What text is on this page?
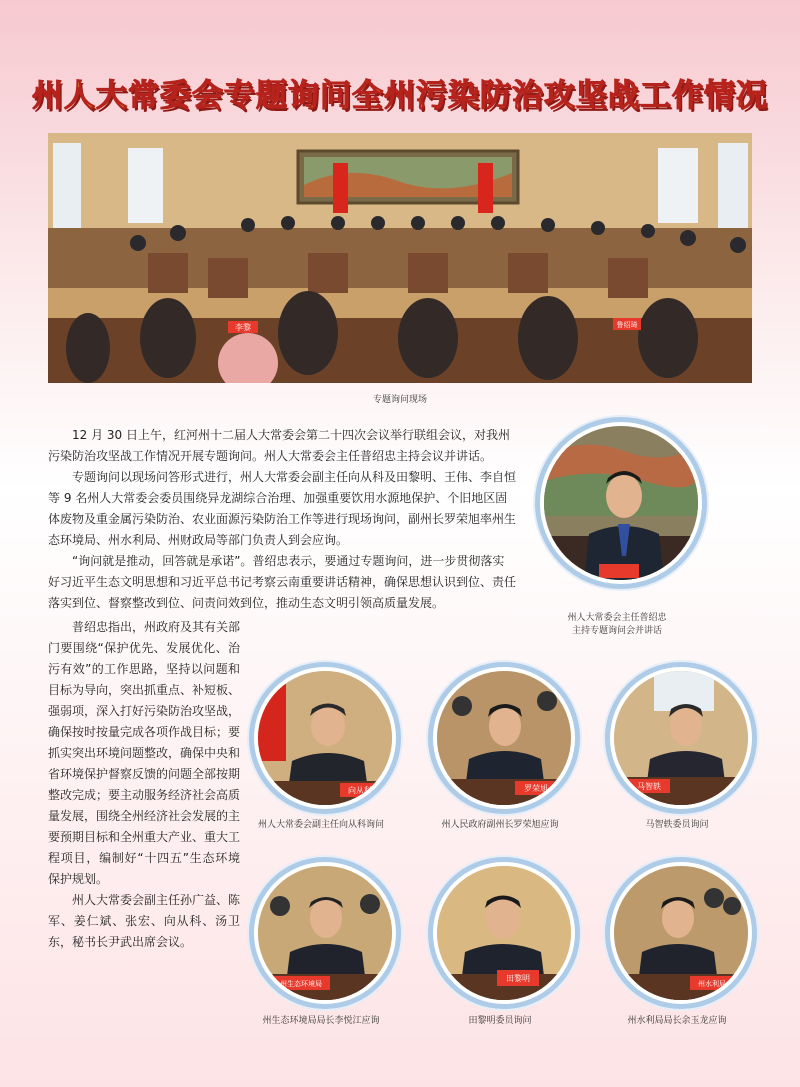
州人大常委会专题询问全州污染防治攻坚战工作情况
李黎	鲁绍琦
专题询问现场

12 月 30 日上午，红河州十二届人大常委会第二十四次会议举行联组会议，对我州污染防治攻坚战工作情况开展专题询问。州人大常委会主任普绍忠主持会议并讲话。

专题询问以现场问答形式进行，州人大常委会副主任向从科及田黎明、王伟、李自恒等 9 名州人大常委会委员围绕异龙湖综合治理、加强重要饮用水源地保护、个旧地区固体废物及重金属污染防治、农业面源污染防治工作等进行现场询问，副州长罗荣旭率州生态环境局、州水利局、州财政局等部门负责人到会应询。

“询问就是推动，回答就是承诺”。普绍忠表示，要通过专题询问，进一步贯彻落实好习近平生态文明思想和习近平总书记考察云南重要讲话精神，确保思想认识到位、责任落实到位、督察整改到位、问责问效到位，推动生态文明引领高质量发展。

普绍忠指出，州政府及其有关部门要围绕“保护优先、发展优化、治污有效”的工作思路，坚持以问题和目标为导向，突出抓重点、补短板、强弱项，深入打好污染防治攻坚战，确保按时按量完成各项作战目标；要抓实突出环境问题整改，确保中央和省环境保护督察反馈的问题全部按期整改完成；要主动服务经济社会高质量发展，围绕全州经济社会发展的主要预期目标和全州重大产业、重大工程项目，编制好“十四五”生态环境保护规划。

州人大常委会副主任孙广益、陈军、姜仁斌、张宏、向从科、汤卫东，秘书长尹武出席会议。

州人大常委会主任普绍忠
主持专题询问会并讲话
向从科
州人大常委会副主任向从科询问
罗荣旭
州人民政府副州长罗荣旭应询
马智轶
马智轶委员询问
州生态环境局
州生态环境局局长李悦江应询
田黎明
田黎明委员询问
州水利局
州水利局局长余玉龙应询
